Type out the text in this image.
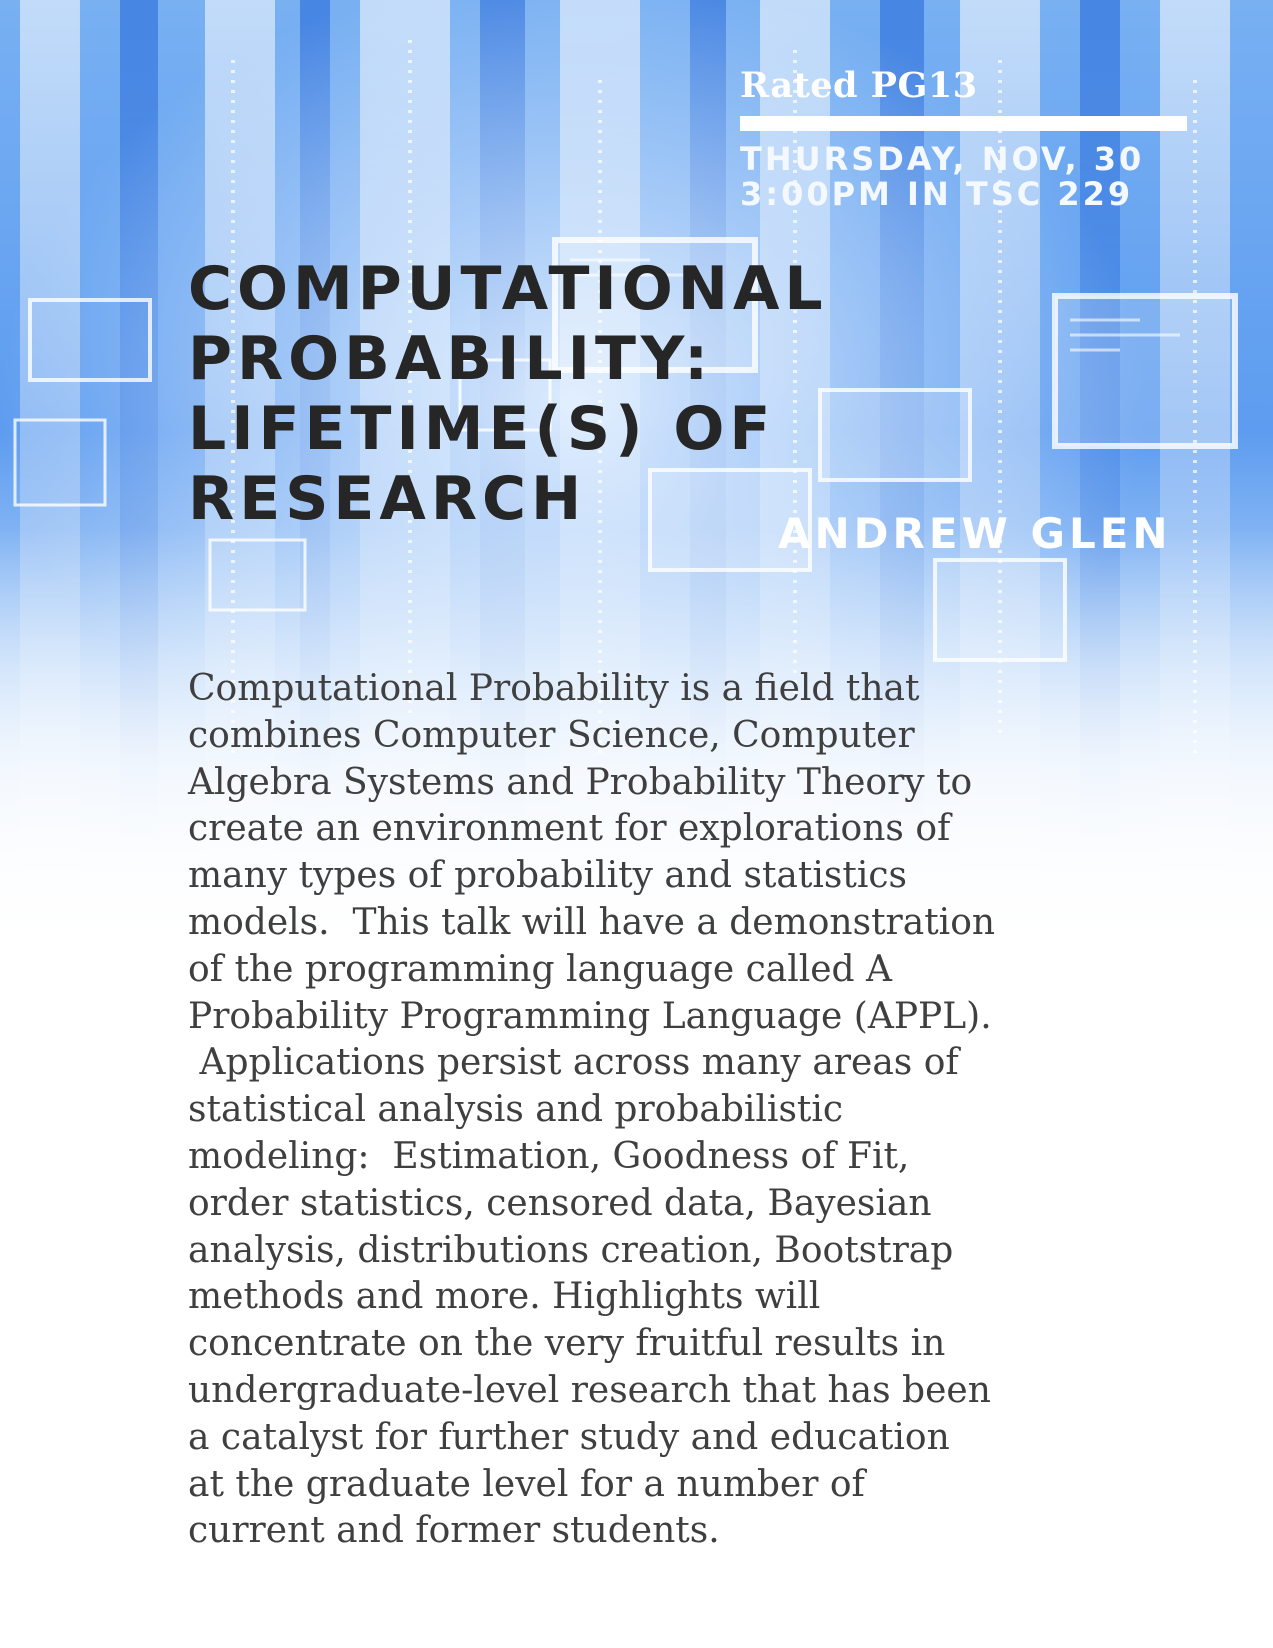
Rated PG13

THURSDAY, NOV, 30

3:00PM IN TSC 229

COMPUTATIONAL
PROBABILITY:
LIFETIME(S) OF
RESEARCH	ANDREW GLEN

Computational Probability is a field that
combines Computer Science, Computer
Algebra Systems and Probability Theory to
create an environment for explorations of
many types of probability and statistics
models.  This talk will have a demonstration
of the programming language called A
Probability Programming Language (APPL).
Applications persist across many areas of
statistical analysis and probabilistic
modeling:  Estimation, Goodness of Fit,
order statistics, censored data, Bayesian
analysis, distributions creation, Bootstrap
methods and more. Highlights will
concentrate on the very fruitful results in
undergraduate-level research that has been
a catalyst for further study and education
at the graduate level for a number of
current and former students.
